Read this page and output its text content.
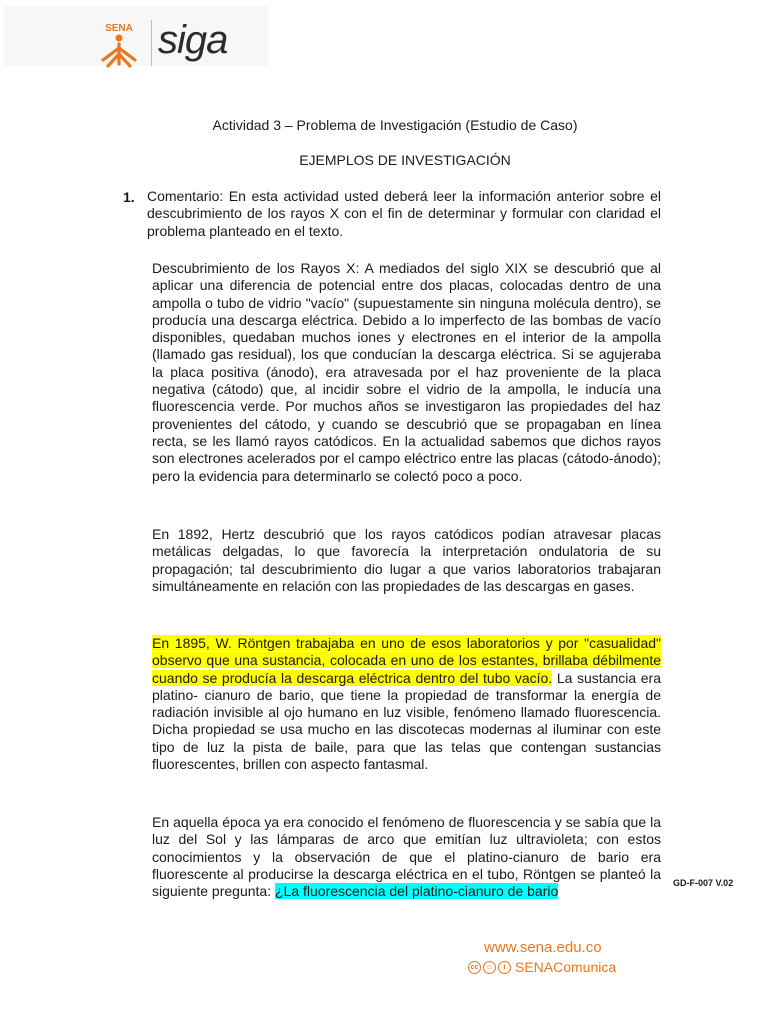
SENA siga
Actividad 3 – Problema de Investigación (Estudio de Caso)
EJEMPLOS DE INVESTIGACIÓN
1. Comentario: En esta actividad usted deberá leer la información anterior sobre el descubrimiento de los rayos X con el fin de determinar y formular con claridad el problema planteado en el texto.
Descubrimiento de los Rayos X: A mediados del siglo XIX se descubrió que al aplicar una diferencia de potencial entre dos placas, colocadas dentro de una ampolla o tubo de vidrio "vacío" (supuestamente sin ninguna molécula dentro), se producía una descarga eléctrica. Debido a lo imperfecto de las bombas de vacío disponibles, quedaban muchos iones y electrones en el interior de la ampolla (llamado gas residual), los que conducían la descarga eléctrica. Si se agujeraba la placa positiva (ánodo), era atravesada por el haz proveniente de la placa negativa (cátodo) que, al incidir sobre el vidrio de la ampolla, le inducía una fluorescencia verde. Por muchos años se investigaron las propiedades del haz provenientes del cátodo, y cuando se descubrió que se propagaban en línea recta, se les llamó rayos catódicos. En la actualidad sabemos que dichos rayos son electrones acelerados por el campo eléctrico entre las placas (cátodo-ánodo); pero la evidencia para determinarlo se colectó poco a poco.
En 1892, Hertz descubrió que los rayos catódicos podían atravesar placas metálicas delgadas, lo que favorecía la interpretación ondulatoria de su propagación; tal descubrimiento dio lugar a que varios laboratorios trabajaran simultáneamente en relación con las propiedades de las descargas en gases.
En 1895, W. Röntgen trabajaba en uno de esos laboratorios y por "casualidad" observo que una sustancia, colocada en uno de los estantes, brillaba débilmente cuando se producía la descarga eléctrica dentro del tubo vacío. La sustancia era platino- cianuro de bario, que tiene la propiedad de transformar la energía de radiación invisible al ojo humano en luz visible, fenómeno llamado fluorescencia. Dicha propiedad se usa mucho en las discotecas modernas al iluminar con este tipo de luz la pista de baile, para que las telas que contengan sustancias fluorescentes, brillen con aspecto fantasmal.
En aquella época ya era conocido el fenómeno de fluorescencia y se sabía que la luz del Sol y las lámparas de arco que emitían luz ultravioleta; con estos conocimientos y la observación de que el platino-cianuro de bario era fluorescente al producirse la descarga eléctrica en el tubo, Röntgen se planteó la siguiente pregunta: ¿La fluorescencia del platino-cianuro de bario
GD-F-007 V.02
www.sena.edu.co
cc	☺	i SENAComunica
